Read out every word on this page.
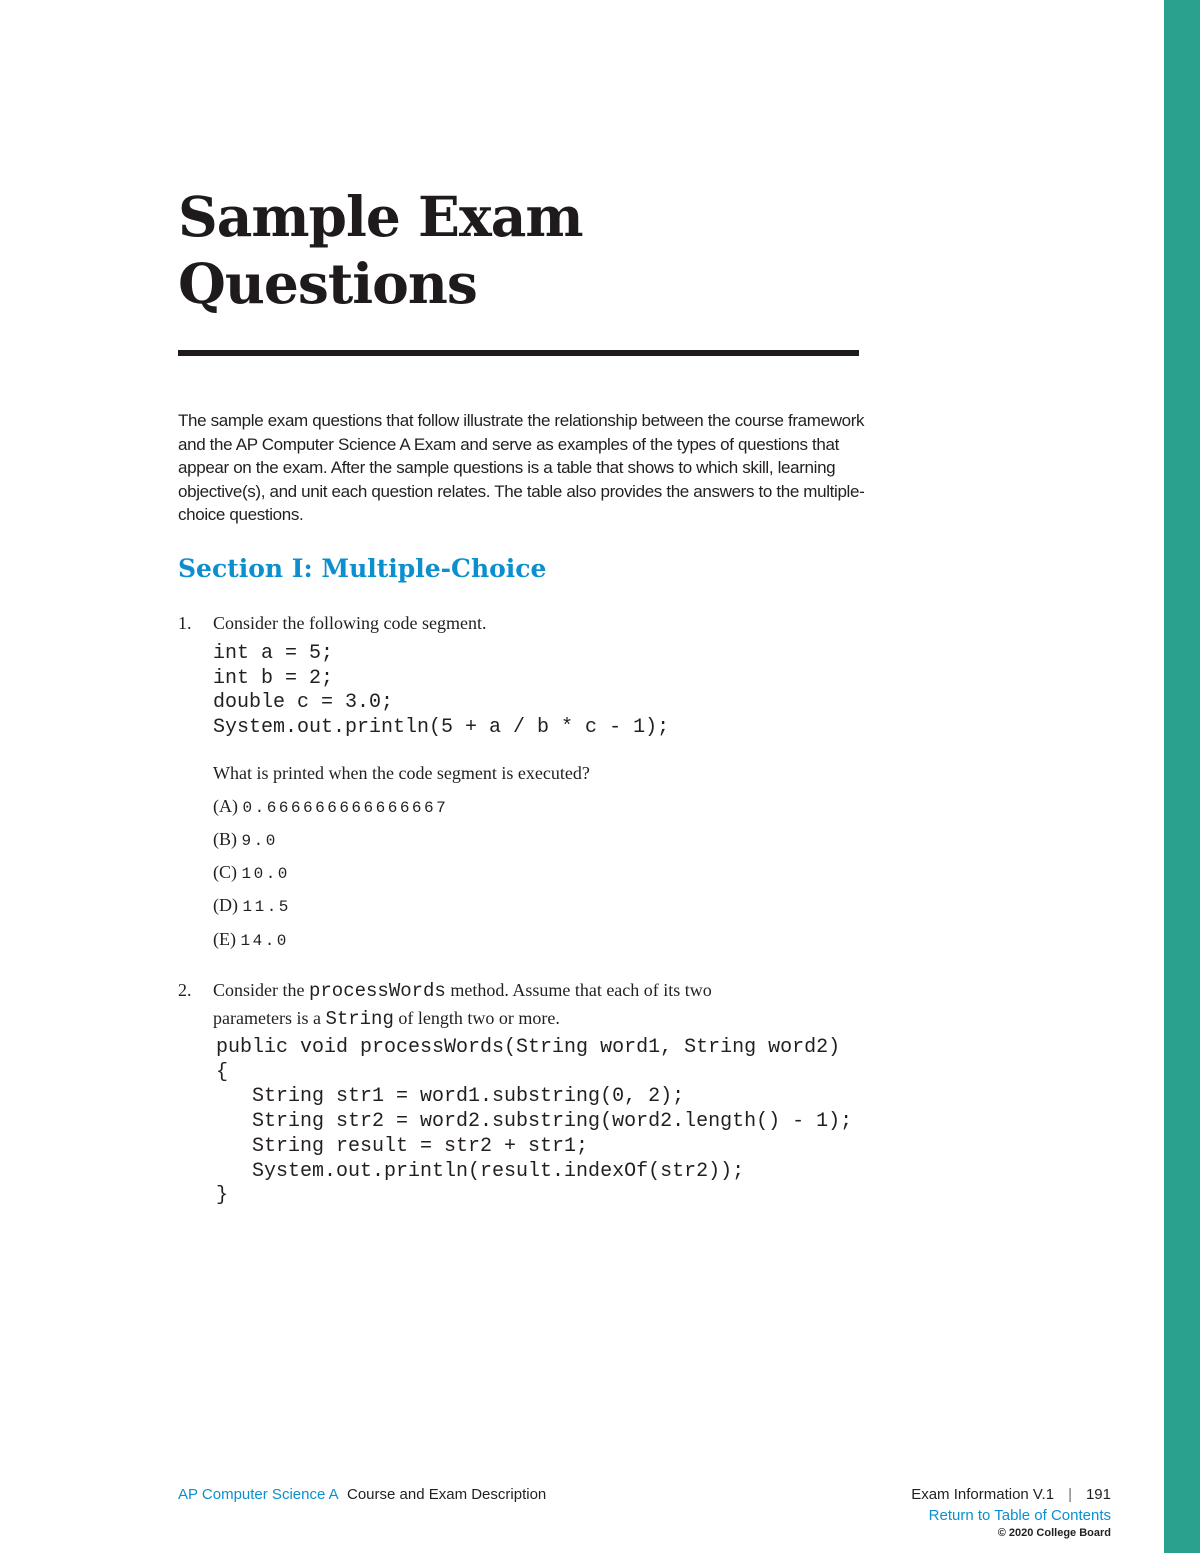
Sample Exam
Questions

The sample exam questions that follow illustrate the relationship between the course framework and the AP Computer Science A Exam and serve as examples of the types of questions that appear on the exam. After the sample questions is a table that shows to which skill, learning objective(s), and unit each question relates. The table also provides the answers to the multiple-choice questions.

Section I: Multiple-Choice
1. Consider the following code segment.
int a = 5;
int b = 2;
double c = 3.0;
System.out.println(5 + a / b * c - 1);
What is printed when the code segment is executed?
(A) 0.666666666666667
(B) 9.0
(C) 10.0
(D) 11.5
(E) 14.0
2. Consider the processWords method. Assume that each of its two
parameters is a String of length two or more.
public void processWords(String word1, String word2)
{
String str1 = word1.substring(0, 2);
String str2 = word2.substring(word2.length() - 1);
String result = str2 + str1;
System.out.println(result.indexOf(str2));
}
AP Computer Science A Course and Exam Description	Exam Information V.1 | 191
Return to Table of Contents
© 2020 College Board
